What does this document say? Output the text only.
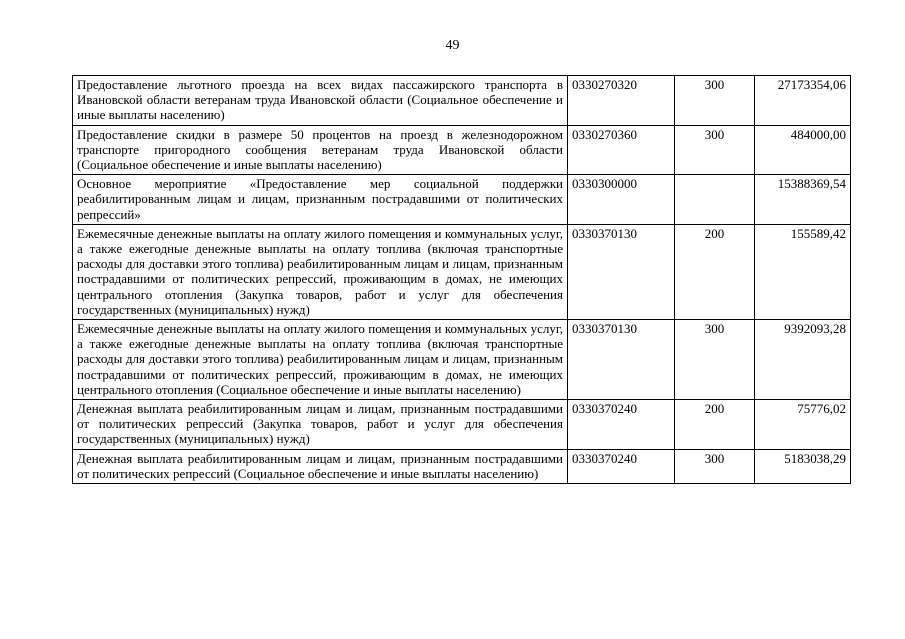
49
Предоставление льготного проезда на всех видах пассажирского транспорта в Ивановской области ветеранам труда Ивановской области (Социальное обеспечение и иные выплаты населению)	0330270320	300	27173354,06
Предоставление скидки в размере 50 процентов на проезд в железнодорожном транспорте пригородного сообщения ветеранам труда Ивановской области (Социальное обеспечение и иные выплаты населению)	0330270360	300	484000,00
Основное мероприятие «Предоставление мер социальной поддержки реабилитированным лицам и лицам, признанным пострадавшими от политических репрессий»	0330300000		15388369,54
Ежемесячные денежные выплаты на оплату жилого помещения и коммунальных услуг, а также ежегодные денежные выплаты на оплату топлива (включая транспортные расходы для доставки этого топлива) реабилитированным лицам и лицам, признанным пострадавшими от политических репрессий, проживающим в домах, не имеющих центрального отопления (Закупка товаров, работ и услуг для обеспечения государственных (муниципальных) нужд)	0330370130	200	155589,42
Ежемесячные денежные выплаты на оплату жилого помещения и коммунальных услуг, а также ежегодные денежные выплаты на оплату топлива (включая транспортные расходы для доставки этого топлива) реабилитированным лицам и лицам, признанным пострадавшими от политических репрессий, проживающим в домах, не имеющих центрального отопления (Социальное обеспечение и иные выплаты населению)	0330370130	300	9392093,28
Денежная выплата реабилитированным лицам и лицам, признанным пострадавшими от политических репрессий (Закупка товаров, работ и услуг для обеспечения государственных (муниципальных) нужд)	0330370240	200	75776,02
Денежная выплата реабилитированным лицам и лицам, признанным пострадавшими от политических репрессий (Социальное обеспечение и иные выплаты населению)	0330370240	300	5183038,29
